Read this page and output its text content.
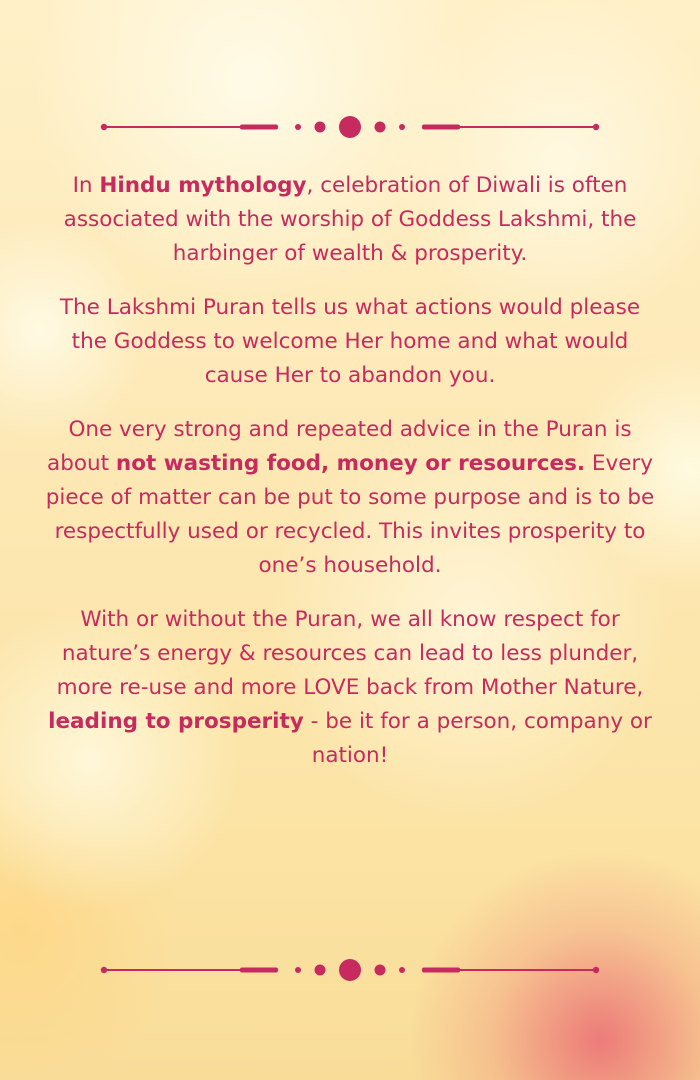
In Hindu mythology, celebration of Diwali is often associated with the worship of Goddess Lakshmi, the harbinger of wealth & prosperity.

The Lakshmi Puran tells us what actions would please the Goddess to welcome Her home and what would cause Her to abandon you.

One very strong and repeated advice in the Puran is about not wasting food, money or resources. Every piece of matter can be put to some purpose and is to be respectfully used or recycled. This invites prosperity to one’s household.

With or without the Puran, we all know respect for nature’s energy & resources can lead to less plunder, more re-use and more LOVE back from Mother Nature, leading to prosperity - be it for a person, company or nation!
